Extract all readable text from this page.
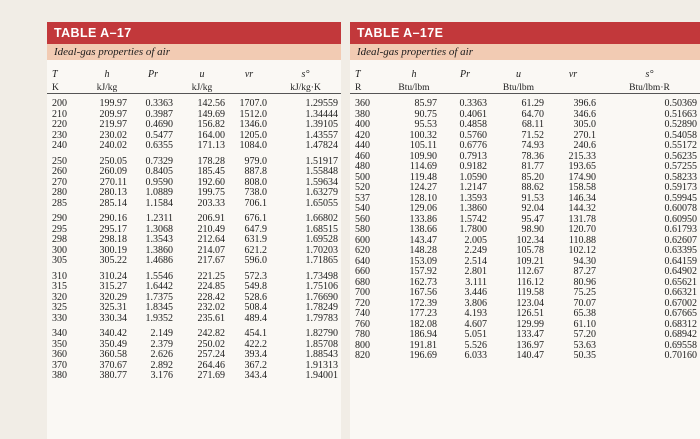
TABLE A–17
Ideal-gas properties of air
T	h	Pr	u	vr	s°
K	kJ/kg		kJ/kg		kJ/kg·K

200	199.97	0.3363	142.56	1707.0	1.29559
210	209.97	0.3987	149.69	1512.0	1.34444
220	219.97	0.4690	156.82	1346.0	1.39105
230	230.02	0.5477	164.00	1205.0	1.43557
240	240.02	0.6355	171.13	1084.0	1.47824

250	250.05	0.7329	178.28	979.0	1.51917
260	260.09	0.8405	185.45	887.8	1.55848
270	270.11	0.9590	192.60	808.0	1.59634
280	280.13	1.0889	199.75	738.0	1.63279
285	285.14	1.1584	203.33	706.1	1.65055

290	290.16	1.2311	206.91	676.1	1.66802
295	295.17	1.3068	210.49	647.9	1.68515
298	298.18	1.3543	212.64	631.9	1.69528
300	300.19	1.3860	214.07	621.2	1.70203
305	305.22	1.4686	217.67	596.0	1.71865

310	310.24	1.5546	221.25	572.3	1.73498
315	315.27	1.6442	224.85	549.8	1.75106
320	320.29	1.7375	228.42	528.6	1.76690
325	325.31	1.8345	232.02	508.4	1.78249
330	330.34	1.9352	235.61	489.4	1.79783

340	340.42	2.149	242.82	454.1	1.82790
350	350.49	2.379	250.02	422.2	1.85708
360	360.58	2.626	257.24	393.4	1.88543
370	370.67	2.892	264.46	367.2	1.91313
380	380.77	3.176	271.69	343.4	1.94001
TABLE A–17E
Ideal-gas properties of air
T	h	Pr	u	vr	s°
R	Btu/lbm		Btu/lbm		Btu/lbm·R

360	85.97	0.3363	61.29	396.6	0.50369
380	90.75	0.4061	64.70	346.6	0.51663
400	95.53	0.4858	68.11	305.0	0.52890
420	100.32	0.5760	71.52	270.1	0.54058
440	105.11	0.6776	74.93	240.6	0.55172
460	109.90	0.7913	78.36	215.33	0.56235
480	114.69	0.9182	81.77	193.65	0.57255
500	119.48	1.0590	85.20	174.90	0.58233
520	124.27	1.2147	88.62	158.58	0.59173
537	128.10	1.3593	91.53	146.34	0.59945
540	129.06	1.3860	92.04	144.32	0.60078
560	133.86	1.5742	95.47	131.78	0.60950
580	138.66	1.7800	98.90	120.70	0.61793
600	143.47	2.005	102.34	110.88	0.62607
620	148.28	2.249	105.78	102.12	0.63395
640	153.09	2.514	109.21	94.30	0.64159
660	157.92	2.801	112.67	87.27	0.64902
680	162.73	3.111	116.12	80.96	0.65621
700	167.56	3.446	119.58	75.25	0.66321
720	172.39	3.806	123.04	70.07	0.67002
740	177.23	4.193	126.51	65.38	0.67665
760	182.08	4.607	129.99	61.10	0.68312
780	186.94	5.051	133.47	57.20	0.68942
800	191.81	5.526	136.97	53.63	0.69558
820	196.69	6.033	140.47	50.35	0.70160
